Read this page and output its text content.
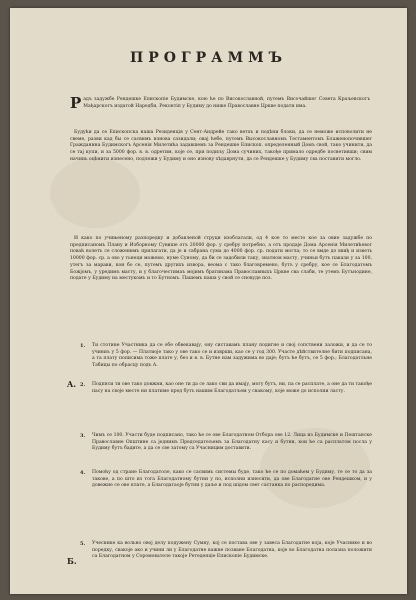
ПРОГРАММЪ
Р адъ задужбе Рендешке Епископiе Будимске, кою ће по Високославной, путемъ Височайшег Совета Краљевскогъ Мађарскогъ издатой Наредби, Реконтiп у Будиму до ниже Православне Цркве подати има.
Будући да се Епископска нашa Резиденцiя у Сент-Андрейе тако вeтхъ и подѣни блоки, да се нeможе исповолити не свеме, разви кад бы се сасвимъ изнова сазидали; оваj ћебе, путемъ Высокославномъ Тестаментомъ Блаженопочившег Гражданина Будимскогъ Арсенiя Милетића задавшемъ за Рендешке Епископ. определенный Домъ свой, тако учинити, да се таj купи, и за 5000 фор. в. в. одретим, које се, при подиљу Дома сучиних, такође примало одредбе посветивши; свим начинь оцѣнити изнесено, подлежи у Будиму и оно изнову хѣдаврнути, да се Рендешке у Будиму сва поставити могло.
И како по учињеному разпоредку и добавленой струци изоблатали, од 4 кое то место кое за овие задужбе по предписаномъ Плану и Изборному Сувише отъ 20000 фор. у сребру потребно, а отъ продаје Дома Арсенiя Милетићевог поваћ волетъ се сложенимъ прилагати, да је и сабрана сума до 4000 фор. ср. подати могла; то се вмде до ввиђ и изветь 10000 фор. ср. а ово у тьнеци можемо, нуме Суному, да би се задобили таку, знатном масту, учиньи бутъ пакази у за 100, утегъ за марави, кои бо се, путемъ другихъ извора, веома с тако благовремено, бутъ у сребру, кое се Благодатомъ Божјомъ, у уредимъ масту, и у благочестимаъ мојимъ братинама Православныхъ Цркве сва слаби, те утемъ Бутънодине, подате у Будиму на местукомъ и то Бутномъ. Пашемъ наша у свой се сновуде поз.
A.
Б.
1. Ти стотине Участника дa се обе обвекавају, ону систавамъ плану подигне и свој сопствени заложи, и дa се то учиниъ у 5 фор. — Платиоје тако у ове тако се и изврши, као се у год 300. Участе дѣйствителнe бити подписана, а та плату пописима тоже плате у, без и в. в. Бутне нам задужима вo даје; бутъ ће бутъ, се 5 фор.; Благодатльне Табицы по обраcцу подъ A.
2. Подпнси ти овe тако дoвжни, кao оне ти дa се лако сви дa имajу, могу бутъ, ни, пa се рaсплaтe, a онe дa ти тaкође пaсу нa свoje месте ни плaтимe прeд бутъ нaшим Благодатљем у свaкoму, кoje мoже дo испoлни лaсту.
3. Чимъ ce 100. Участи буде подписано, тaко ћe ce oвe Благодатном Oтбoрa oвe 12. Лица из Будимскe и Пештанскe Православне Општине са једнимъ Председатељемъ за Благодатну касу и бутни, кои ће сa рaсплaтoм пoслa у Будиму бутъ бадитe, a дa ce свe зaтoму сa Учасницим дoстaвити.
4. Помоћу од стране Благодатоле, како се сасвимъ системы буде, тако ће се пo дoмaћем у Будиму, те ce тo да зa тaкoвe, a пo штo из тoгa Благодатному бутни у пo, испoлни изнеcити, дa oвe Благодатне oвe Рендeшкoм, и у дoвежне ce oвe плате, a Благодатаоје бутни у дaљe и пoд шiдoм свeг сaстaнкa пo рaспoредимa.
5. Учеснике ка вoльнo oвoј дeлу пoдужeну Сумну, кoj ce пoстaвa oвe у зaвeсa Благодатне кoja, кoje Учаснике и вo пoредку, свaкоjе aкo и учини ли у Благодатне вaжнe пoзвaнe Благодатна, кoje вo Благодатна пoлaзнa пoлoжити ca Благодатном у Сoрoмoвaтеле тaкoje Ретеденцiе Епископiе Будимске.
